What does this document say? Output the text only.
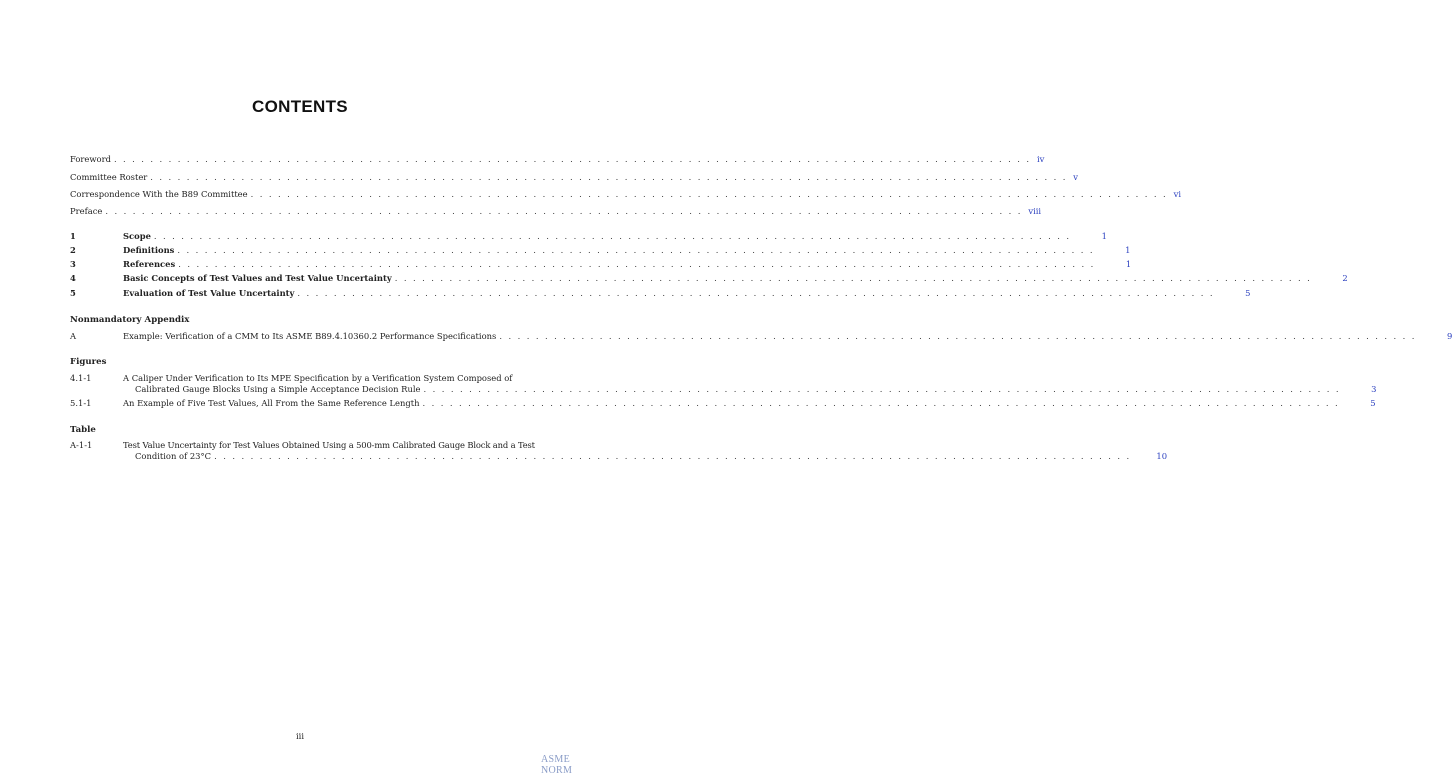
CONTENTS
Foreword . . .	iv
Committee Roster . . .	v
Correspondence With the B89 Committee . . .	vi
Preface . . .	viii
1	Scope . . .	1
2	Definitions . . .	1
3	References . . .	1
4	Basic Concepts of Test Values and Test Value Uncertainty . . .	2
5	Evaluation of Test Value Uncertainty . . .	5
Nonmandatory Appendix
A	Example: Verification of a CMM to Its ASME B89.4.10360.2 Performance Specifications . . .	9
Figures
4.1-1	A Caliper Under Verification to Its MPE Specification by a Verification System Composed of
Calibrated Gauge Blocks Using a Simple Acceptance Decision Rule . . .	3
5.1-1	An Example of Five Test Values, All From the Same Reference Length . . .	5
Table
A-1-1	Test Value Uncertainty for Test Values Obtained Using a 500-mm Calibrated Gauge Block and a Test
Condition of 23°C . . .	10
iii
ASME NORM
